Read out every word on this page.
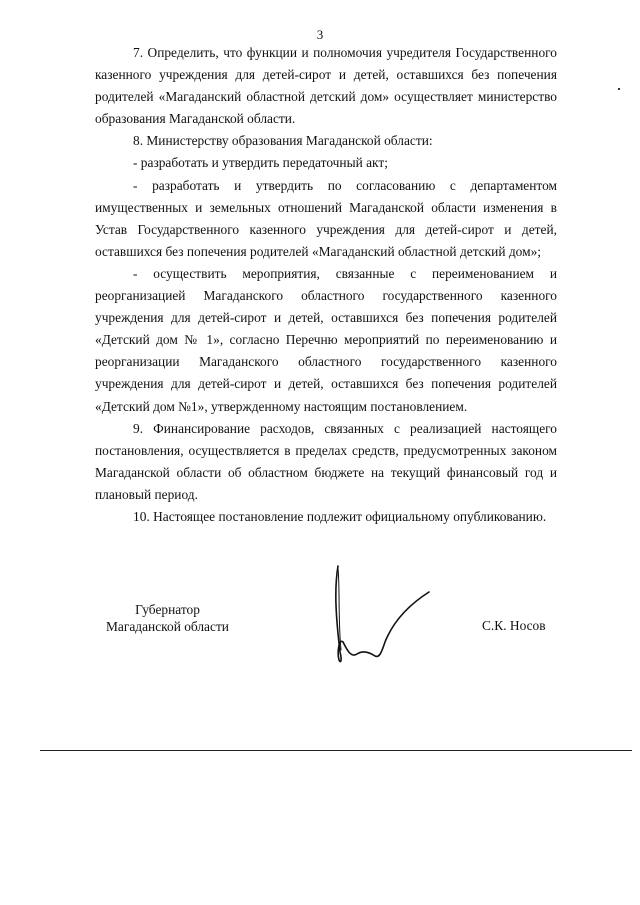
3

7. Определить, что функции и полномочия учредителя Государственного казенного учреждения для детей-сирот и детей, оставшихся без попечения родителей «Магаданский областной детский дом» осуществляет министерство образования Магаданской области.

8. Министерству образования Магаданской области:

- разработать и утвердить передаточный акт;

- разработать и утвердить по согласованию с департаментом имущественных и земельных отношений Магаданской области изменения в Устав Государственного казенного учреждения для детей-сирот и детей, оставшихся без попечения родителей «Магаданский областной детский дом»;

- осуществить мероприятия, связанные с переименованием и реорганизацией Магаданского областного государственного казенного учреждения для детей-сирот и детей, оставшихся без попечения родителей «Детский дом № 1», согласно Перечню мероприятий по переименованию и реорганизации Магаданского областного государственного казенного учреждения для детей-сирот и детей, оставшихся без попечения родителей «Детский дом №1», утвержденному настоящим постановлением.

9. Финансирование расходов, связанных с реализацией настоящего постановления, осуществляется в пределах средств, предусмотренных законом Магаданской области об областном бюджете на текущий финансовый год и плановый период.

10. Настоящее постановление подлежит официальному опубликованию.

Губернатор
Магаданской области	С.К. Носов
